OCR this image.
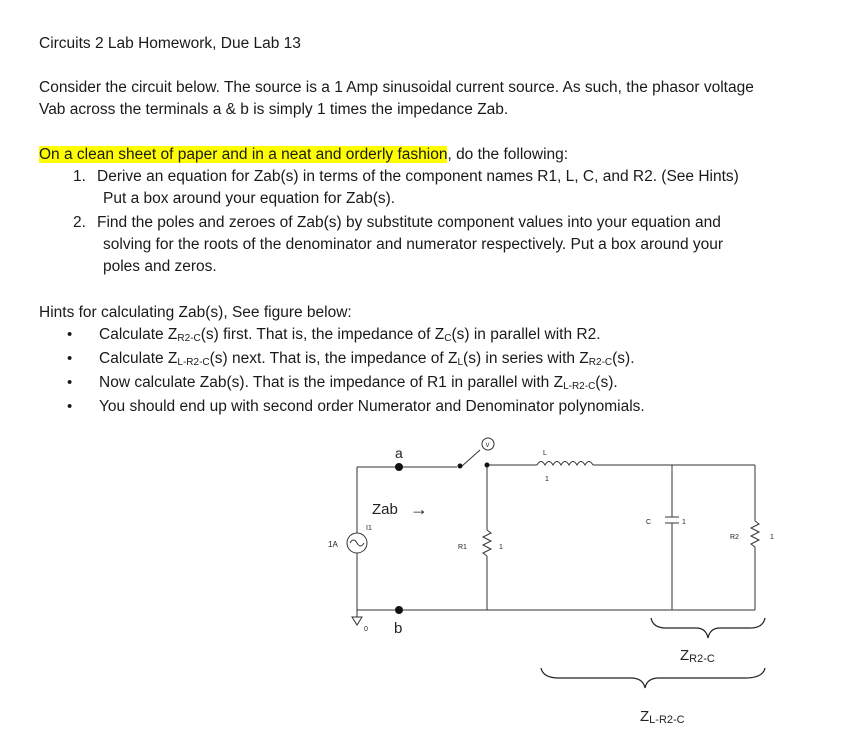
Circuits 2 Lab Homework, Due Lab 13
Consider the circuit below. The source is a 1 Amp sinusoidal current source. As such, the phasor voltage
Vab across the terminals a & b is simply 1 times the impedance Zab.
On a clean sheet of paper and in a neat and orderly fashion, do the following:
1. Derive an equation for Zab(s) in terms of the component names R1, L, C, and R2. (See Hints)
Put a box around your equation for Zab(s).
2. Find the poles and zeroes of Zab(s) by substitute component values into your equation and
solving for the roots of the denominator and numerator respectively. Put a box around your
poles and zeros.
Hints for calculating Zab(s), See figure below:
• Calculate $Z_{R2-C}(s)$ first. That is, the impedance of $Z_C(s)$ in parallel with R2.
• Calculate $Z_{L-R2-C}(s)$ next. That is, the impedance of $Z_L(s)$ in series with $Z_{R2-C}(s)$.
• Now calculate Zab(s). That is the impedance of R1 in parallel with $Z_{L-R2-C}(s)$.
• You should end up with second order Numerator and Denominator polynomials.
a
b
Zab →
1A
I1
0
V
L
1
R1	1
C	1
R2	1
ZR2-C
ZL-R2-C
